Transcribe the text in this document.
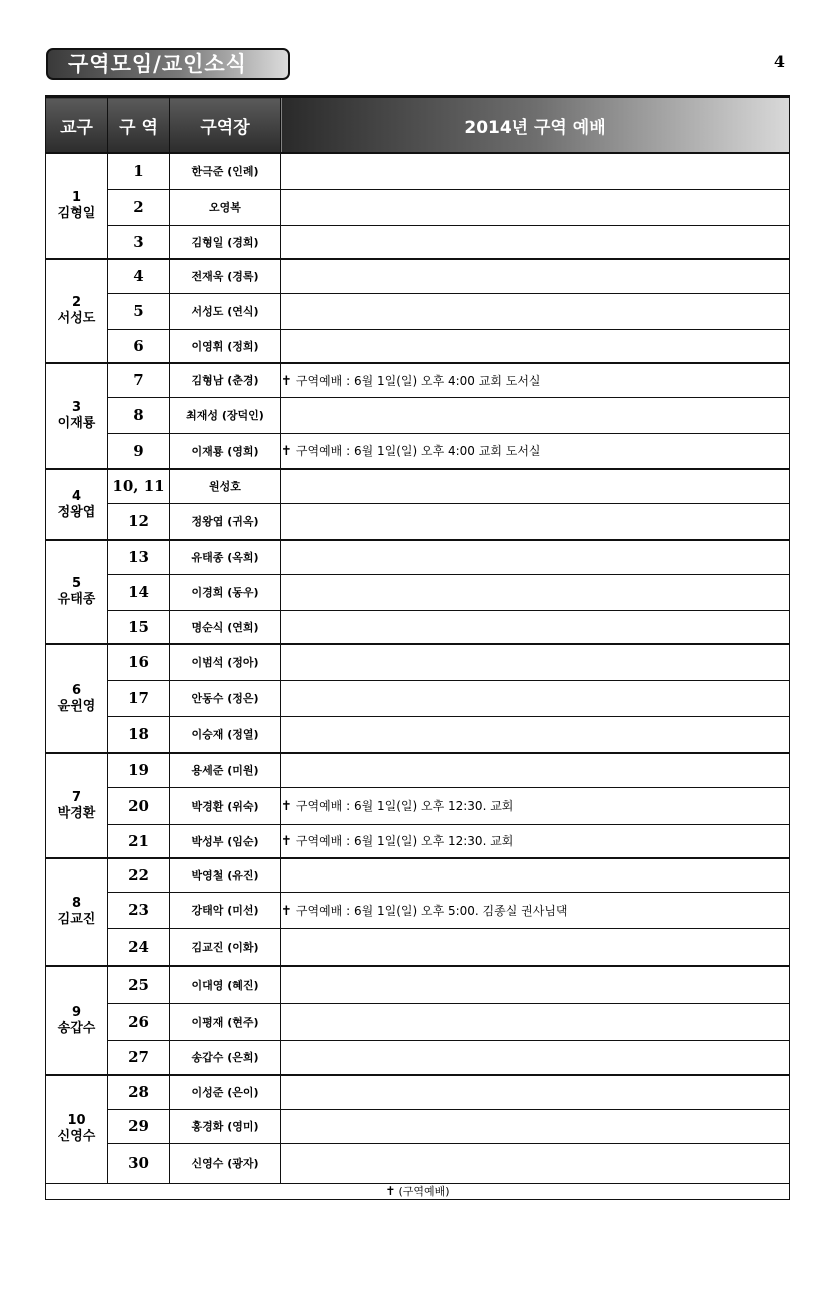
구역모임/교인소식	4
교구	구 역	구역장	2014년 구역 예배

1
김형일	1	한극준 (인례)	
	2	오영복	
	3	김형일 (경희)	

2
서성도	4	전재욱 (경록)	
	5	서성도 (연식)	
	6	이영휘 (정희)	

3
이재룡	7	김형남 (춘경)	✝ 구역예배 : 6월 1일(일) 오후 4:00 교회 도서실
	8	최재성 (장덕인)	
	9	이재룡 (영희)	✝ 구역예배 : 6월 1일(일) 오후 4:00 교회 도서실

4
정왕엽	10, 11	원성호	
	12	정왕엽 (귀옥)	

5
유태종	13	유태종 (옥희)	
	14	이경희 (동우)	
	15	명순식 (연희)	

6
윤윈영	16	이범석 (정아)	
	17	안동수 (정은)	
	18	이승재 (정열)	

7
박경환	19	용세준 (미원)	
	20	박경환 (위숙)	✝ 구역예배 : 6월 1일(일) 오후 12:30. 교회
	21	박성부 (임순)	✝ 구역예배 : 6월 1일(일) 오후 12:30. 교회

8
김교진	22	박영철 (유진)	
	23	강태악 (미선)	✝ 구역예배 : 6월 1일(일) 오후 5:00. 김종실 권사님댁
	24	김교진 (이화)	

9
송갑수	25	이대영 (혜진)	
	26	이평재 (현주)	
	27	송갑수 (은희)	

10
신영수	28	이성준 (은이)	
	29	홍경화 (영미)	
	30	신영수 (광자)	
✝ (구역예배)			
